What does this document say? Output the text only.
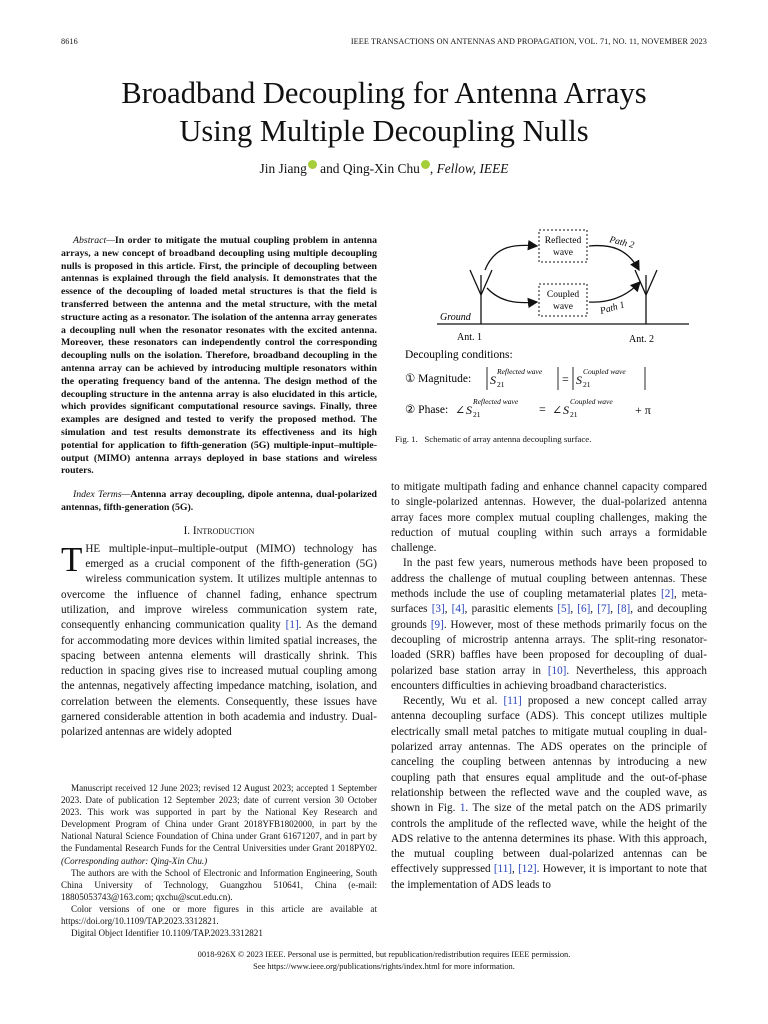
8616	IEEE TRANSACTIONS ON ANTENNAS AND PROPAGATION, VOL. 71, NO. 11, NOVEMBER 2023
Broadband Decoupling for Antenna Arrays
Using Multiple Decoupling Nulls
Jin Jiang and Qing-Xin Chu , Fellow, IEEE
Abstract—In order to mitigate the mutual coupling problem in antenna arrays, a new concept of broadband decoupling using multiple decoupling nulls is proposed in this article. First, the principle of decoupling between antennas is explained through the field analysis. It demonstrates that the essence of the decoupling of loaded metal structures is that the field is transferred between the antenna and the metal structure, with the metal structure acting as a resonator. The isolation of the antenna array generates a decoupling null when the resonator resonates with the excited antenna. Moreover, these resonators can independently control the corresponding decoupling nulls on the isolation. Therefore, broadband decoupling in the antenna array can be achieved by introducing multiple resonators within the operating frequency band of the antenna. The design method of the decoupling structure in the antenna array is also elucidated in this article, which provides significant computational resource savings. Finally, three examples are designed and tested to verify the proposed method. The simulation and test results demonstrate its effectiveness and its high potential for application to fifth-generation (5G) multiple-input–multiple-output (MIMO) antenna arrays deployed in base stations and wireless routers.
Index Terms—Antenna array decoupling, dipole antenna, dual-polarized antennas, fifth-generation (5G).
I. Introduction

THE multiple-input–multiple-output (MIMO) technology has emerged as a crucial component of the fifth-generation (5G) wireless communication system. It utilizes multiple antennas to overcome the influence of channel fading, enhance spectrum utilization, and improve wireless communication system rate, consequently enhancing communication quality [1]. As the demand for accommodating more devices within limited spatial increases, the spacing between antenna elements will drastically shrink. This reduction in spacing gives rise to increased mutual coupling among the antennas, negatively affecting impedance matching, isolation, and correlation between the elements. Consequently, these issues have garnered considerable attention in both academia and industry. Dual-polarized antennas are widely adopted

Manuscript received 12 June 2023; revised 12 August 2023; accepted 1 September 2023. Date of publication 12 September 2023; date of current version 30 October 2023. This work was supported in part by the National Key Research and Development Program of China under Grant 2018YFB1802000, in part by the National Natural Science Foundation of China under Grant 61671207, and in part by the Fundamental Research Funds for the Central Universities under Grant 2018PY02. (Corresponding author: Qing-Xin Chu.)

The authors are with the School of Electronic and Information Engineering, South China University of Technology, Guangzhou 510641, China (e-mail: 18805053743@163.com; qxchu@scut.edu.cn).

Color versions of one or more figures in this article are available at https://doi.org/10.1109/TAP.2023.3312821.

Digital Object Identifier 10.1109/TAP.2023.3312821

Reflected
wave
Coupled
wave
Path 2
Path 1
Ground
Ant. 1	Ant. 2
Decoupling conditions:
① Magnitude: S
Reflected wave
21	= S
Coupled wave
21
② Phase: ∠ S
Reflected wave
21	= ∠ S
Coupled wave
21	+ π
Fig. 1. Schematic of array antenna decoupling surface.

to mitigate multipath fading and enhance channel capacity compared to single-polarized antennas. However, the dual-polarized antenna array faces more complex mutual coupling challenges, making the reduction of mutual coupling within such arrays a formidable challenge.

In the past few years, numerous methods have been proposed to address the challenge of mutual coupling between antennas. These methods include the use of coupling metamaterial plates [2], meta-surfaces [3], [4], parasitic elements [5], [6], [7], [8], and decoupling grounds [9]. However, most of these methods primarily focus on the decoupling of microstrip antenna arrays. The split-ring resonator-loaded (SRR) baffles have been proposed for decoupling of dual-polarized base station array in [10]. Nevertheless, this approach encounters difficulties in achieving broadband characteristics.

Recently, Wu et al. [11] proposed a new concept called array antenna decoupling surface (ADS). This concept utilizes multiple electrically small metal patches to mitigate mutual coupling in dual-polarized array antennas. The ADS operates on the principle of canceling the coupling between antennas by introducing a new coupling path that ensures equal amplitude and the out-of-phase relationship between the reflected wave and the coupled wave, as shown in Fig. 1. The size of the metal patch on the ADS primarily controls the amplitude of the reflected wave, while the height of the ADS relative to the antenna determines its phase. With this approach, the mutual coupling between dual-polarized antennas can be effectively suppressed [11], [12]. However, it is important to note that the implementation of ADS leads to

0018-926X © 2023 IEEE. Personal use is permitted, but republication/redistribution requires IEEE permission.
See https://www.ieee.org/publications/rights/index.html for more information.
